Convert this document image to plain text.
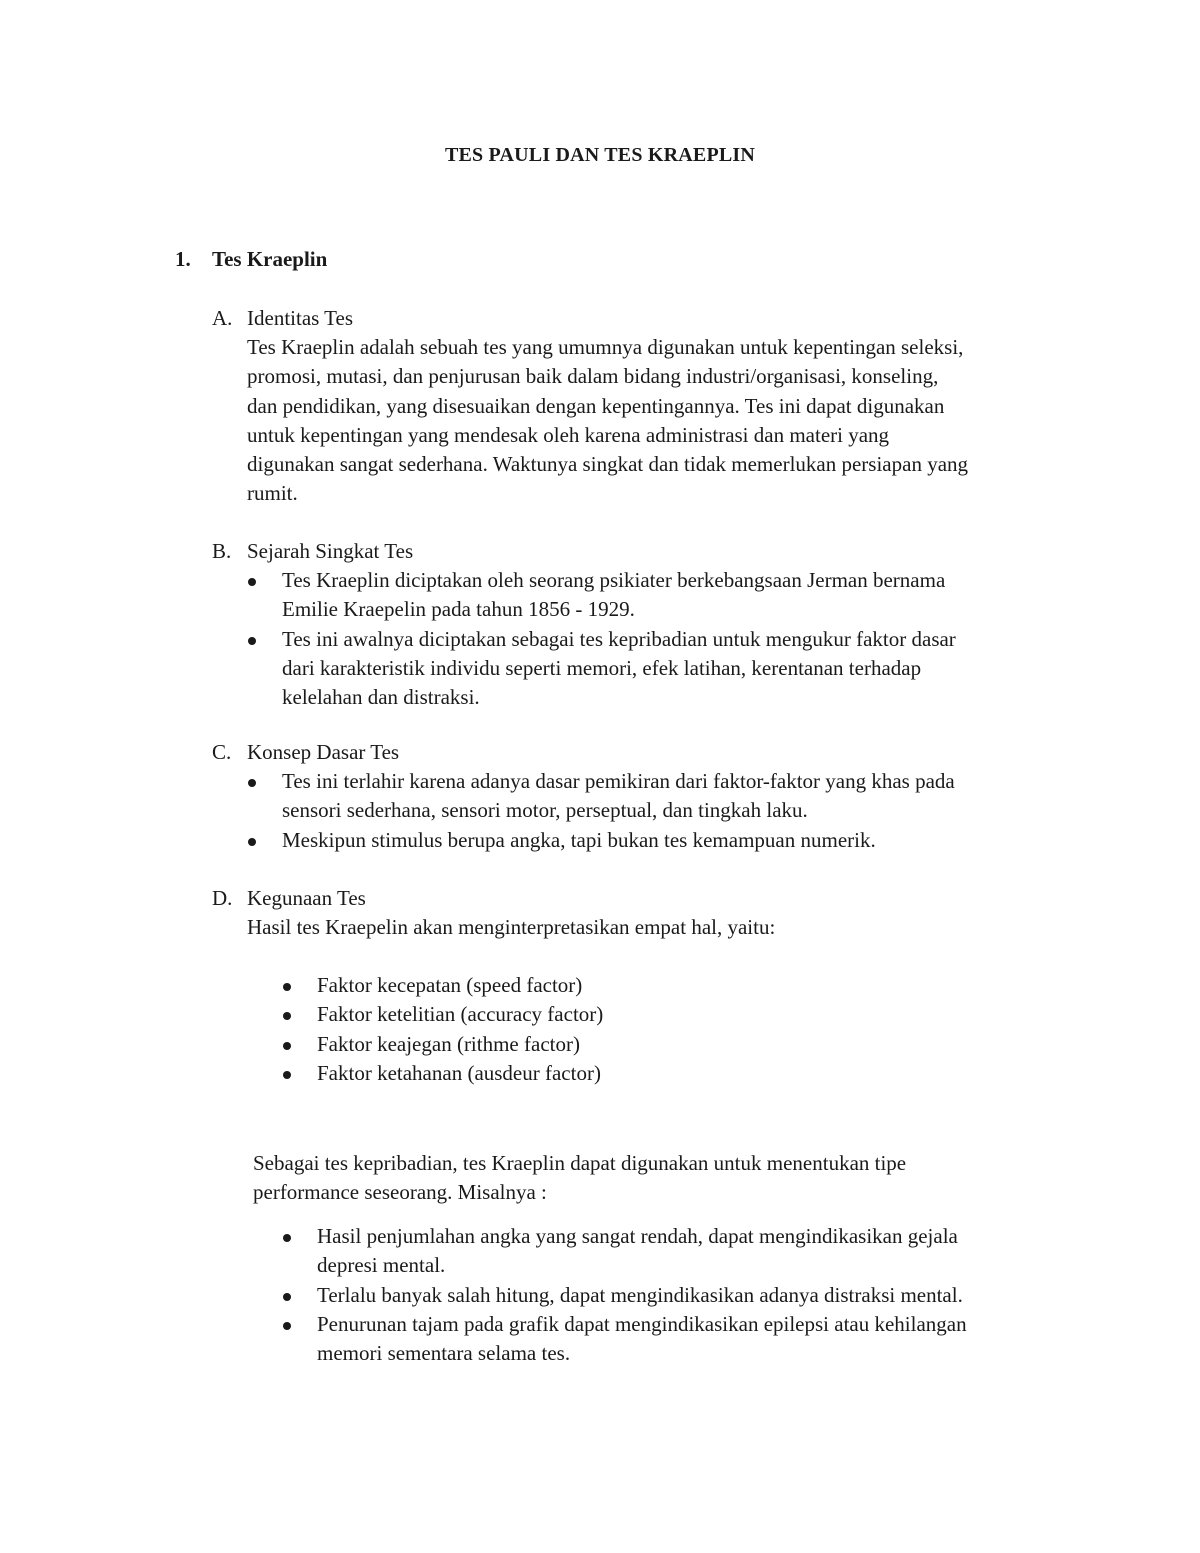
TES PAULI DAN TES KRAEPLIN
1. Tes Kraeplin
A. Identitas Tes
Tes Kraeplin adalah sebuah tes yang umumnya digunakan untuk kepentingan seleksi,
promosi, mutasi, dan penjurusan baik dalam bidang industri/organisasi, konseling,
dan pendidikan, yang disesuaikan dengan kepentingannya. Tes ini dapat digunakan
untuk kepentingan yang mendesak oleh karena administrasi dan materi yang
digunakan sangat sederhana. Waktunya singkat dan tidak memerlukan persiapan yang
rumit.
B. Sejarah Singkat Tes
Tes Kraeplin diciptakan oleh seorang psikiater berkebangsaan Jerman bernama
Emilie Kraepelin pada tahun 1856 - 1929.
Tes ini awalnya diciptakan sebagai tes kepribadian untuk mengukur faktor dasar
dari karakteristik individu seperti memori, efek latihan, kerentanan terhadap
kelelahan dan distraksi.
C. Konsep Dasar Tes
Tes ini terlahir karena adanya dasar pemikiran dari faktor-faktor yang khas pada
sensori sederhana, sensori motor, perseptual, dan tingkah laku.
Meskipun stimulus berupa angka, tapi bukan tes kemampuan numerik.
D. Kegunaan Tes
Hasil tes Kraepelin akan menginterpretasikan empat hal, yaitu:
Faktor kecepatan (speed factor)
Faktor ketelitian (accuracy factor)
Faktor keajegan (rithme factor)
Faktor ketahanan (ausdeur factor)
Sebagai tes kepribadian, tes Kraeplin dapat digunakan untuk menentukan tipe
performance seseorang. Misalnya :
Hasil penjumlahan angka yang sangat rendah, dapat mengindikasikan gejala
depresi mental.
Terlalu banyak salah hitung, dapat mengindikasikan adanya distraksi mental.
Penurunan tajam pada grafik dapat mengindikasikan epilepsi atau kehilangan
memori sementara selama tes.
